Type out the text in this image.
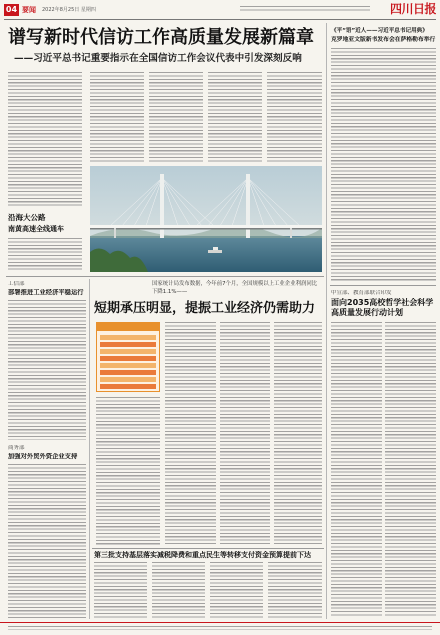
04 要闻 2022年8月25日 星期四	四川日报
谱写新时代信访工作高质量发展新篇章
——习近平总书记重要指示在全国信访工作会议代表中引发深刻反响
沿海大公路
南黄高速全线通车
《平“语”近人——习近平总书记用典》
克罗地亚文版新书发布会在萨格勒布举行
中宣部、教育部联合印发
面向2035高校哲学社会科学
高质量发展行动计划
工信部
部署推进工业经济平稳运行
商务部
加强对外贸外资企业支持
国家统计局发布数据，今年前7个月，全国规模以上工业企业利润同比下降1.1%——
短期承压明显，提振工业经济仍需助力
第三批支持基层落实减税降费和重点民生等转移支付资金预算提前下达
